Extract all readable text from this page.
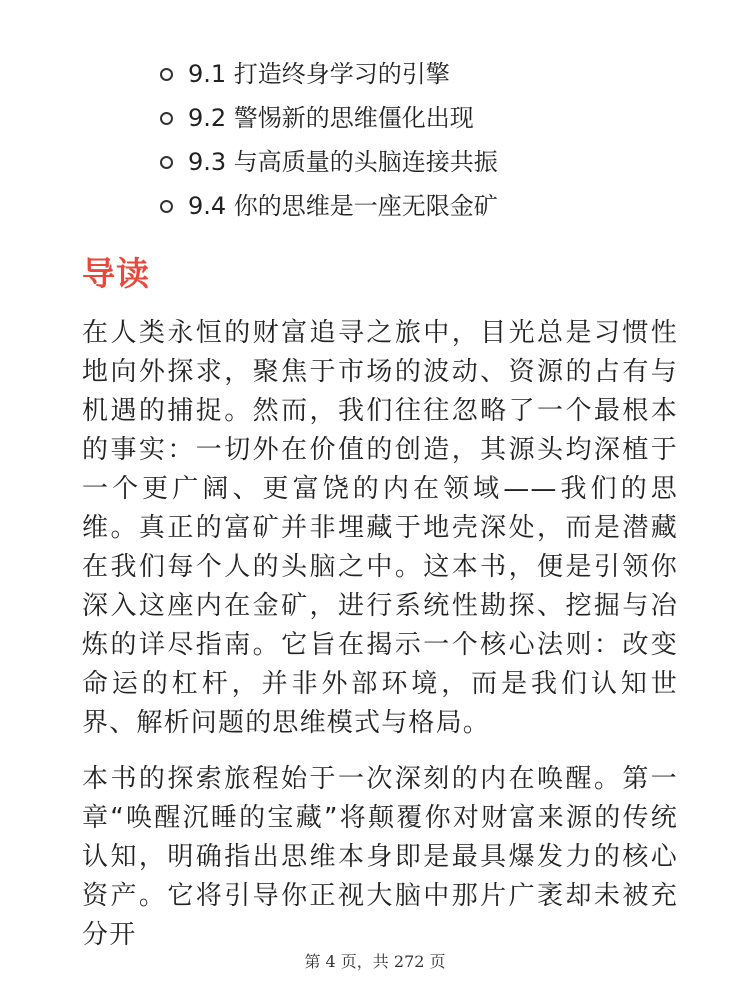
9.1 打造终身学习的引擎
9.2 警惕新的思维僵化出现
9.3 与高质量的头脑连接共振
9.4 你的思维是一座无限金矿
导读

在人类永恒的财富追寻之旅中，目光总是习惯性地向外探求，聚焦于市场的波动、资源的占有与机遇的捕捉。然而，我们往往忽略了一个最根本的事实：一切外在价值的创造，其源头均深植于一个更广阔、更富饶的内在领域——我们的思维。真正的富矿并非埋藏于地壳深处，而是潜藏在我们每个人的头脑之中。这本书，便是引领你深入这座内在金矿，进行系统性勘探、挖掘与冶炼的详尽指南。它旨在揭示一个核心法则：改变命运的杠杆，并非外部环境，而是我们认知世界、解析问题的思维模式与格局。

本书的探索旅程始于一次深刻的内在唤醒。第一章“唤醒沉睡的宝藏”将颠覆你对财富来源的传统认知，明确指出思维本身即是最具爆发力的核心资产。它将引导你正视大脑中那片广袤却未被充分开

第 4 页，共 272 页
